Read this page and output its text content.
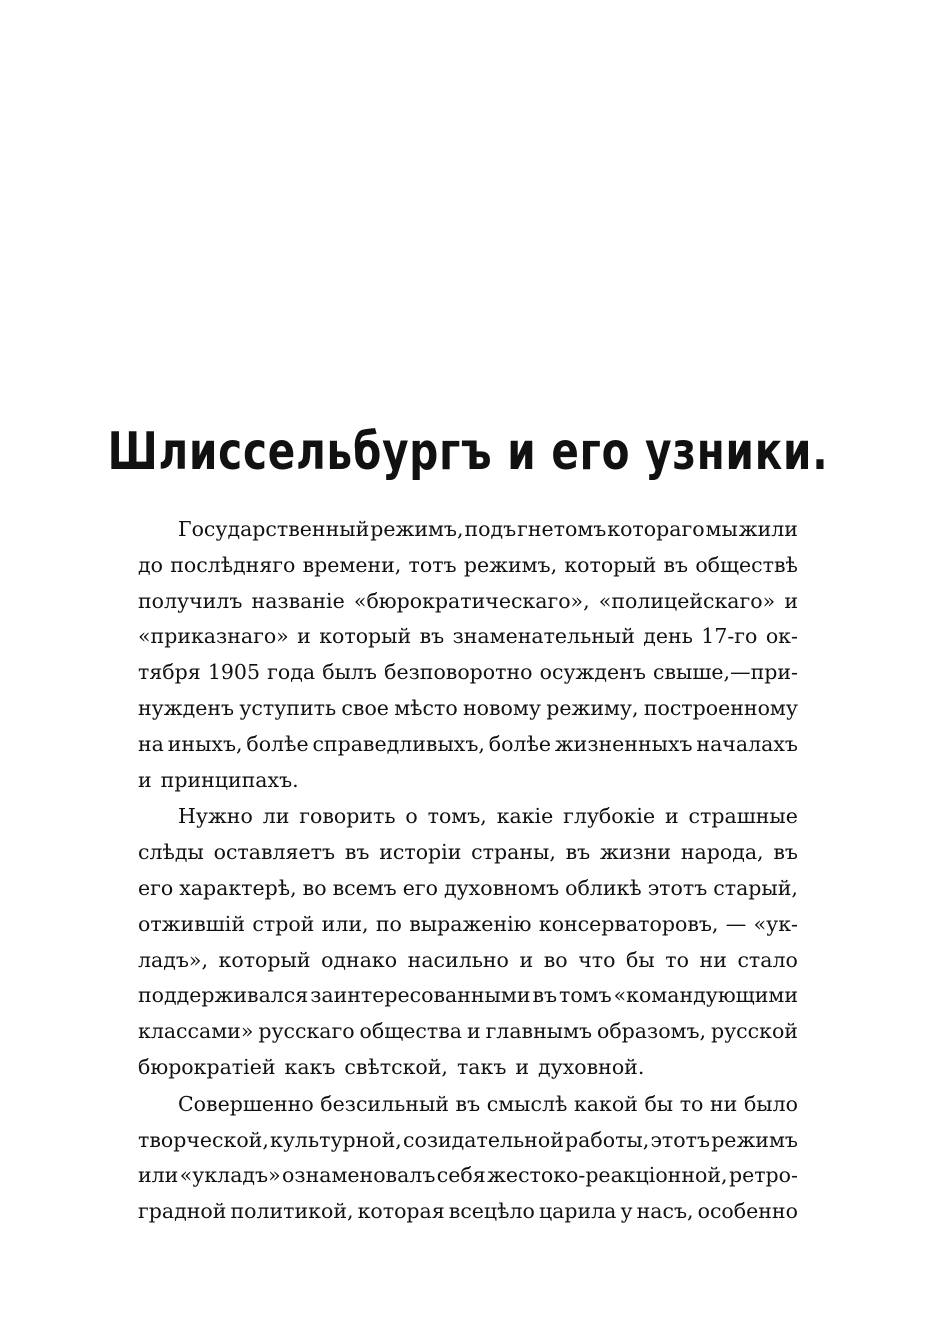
Шлиссельбургъ и его узники.
Государственный режимъ, подъ гнетомъ котораго мы жили
до послѣдняго времени, тотъ режимъ, который въ обществѣ
получилъ названіе «бюрократическаго», «полицейскаго» и
«приказнаго» и который въ знаменательный день 17-го ок-
тября 1905 года былъ безповоротно осужденъ свыше,—при-
нужденъ уступить свое мѣсто новому режиму, построенному
на иныхъ, болѣе справедливыхъ, болѣе жизненныхъ началахъ
и принципахъ.
Нужно ли говорить о томъ, какіе глубокіе и страшные
слѣды оставляетъ въ исторіи страны, въ жизни народа, въ
его характерѣ, во всемъ его духовномъ обликѣ этотъ старый,
отжившій строй или, по выраженію консерваторовъ, — «ук-
ладъ», который однако насильно и во что бы то ни стало
поддерживался заинтересованными въ томъ «командующими
классами» русскаго общества и главнымъ образомъ, русской
бюрократіей какъ свѣтской, такъ и духовной.
Совершенно безсильный въ смыслѣ какой бы то ни было
творческой, культурной, созидательной работы, этотъ режимъ
или «укладъ» ознаменовалъ себя жестоко-реакціонной, ретро-
градной политикой, которая всецѣло царила у насъ, особенно
